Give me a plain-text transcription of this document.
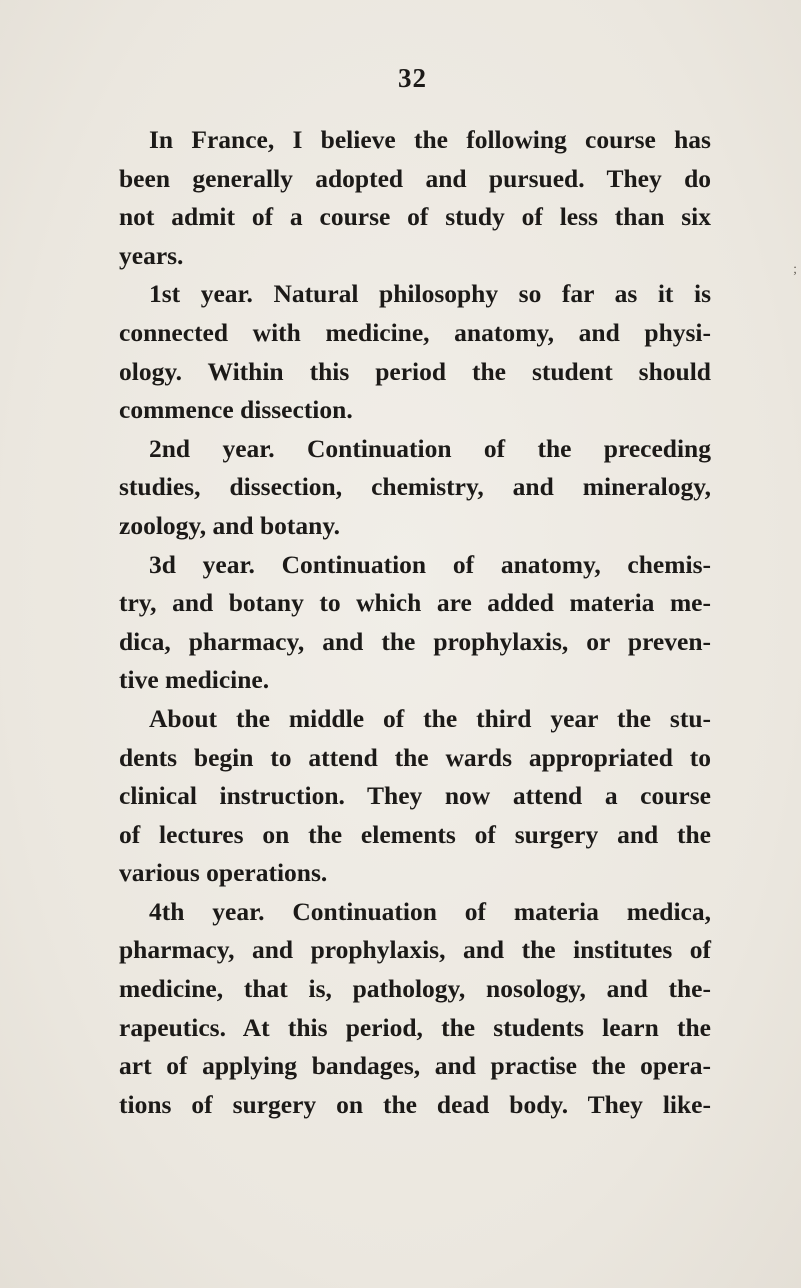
32
In France, I believe the following course has
been generally adopted and pursued. They do
not admit of a course of study of less than six
years.
1st year. Natural philosophy so far as it is
connected with medicine, anatomy, and physi-
ology. Within this period the student should
commence dissection.
2nd year. Continuation of the preceding
studies, dissection, chemistry, and mineralogy,
zoology, and botany.
3d year. Continuation of anatomy, chemis-
try, and botany to which are added materia me-
dica, pharmacy, and the prophylaxis, or preven-
tive medicine.
About the middle of the third year the stu-
dents begin to attend the wards appropriated to
clinical instruction. They now attend a course
of lectures on the elements of surgery and the
various operations.
4th year. Continuation of materia medica,
pharmacy, and prophylaxis, and the institutes of
medicine, that is, pathology, nosology, and the-
rapeutics. At this period, the students learn the
art of applying bandages, and practise the opera-
tions of surgery on the dead body. They like-
;
